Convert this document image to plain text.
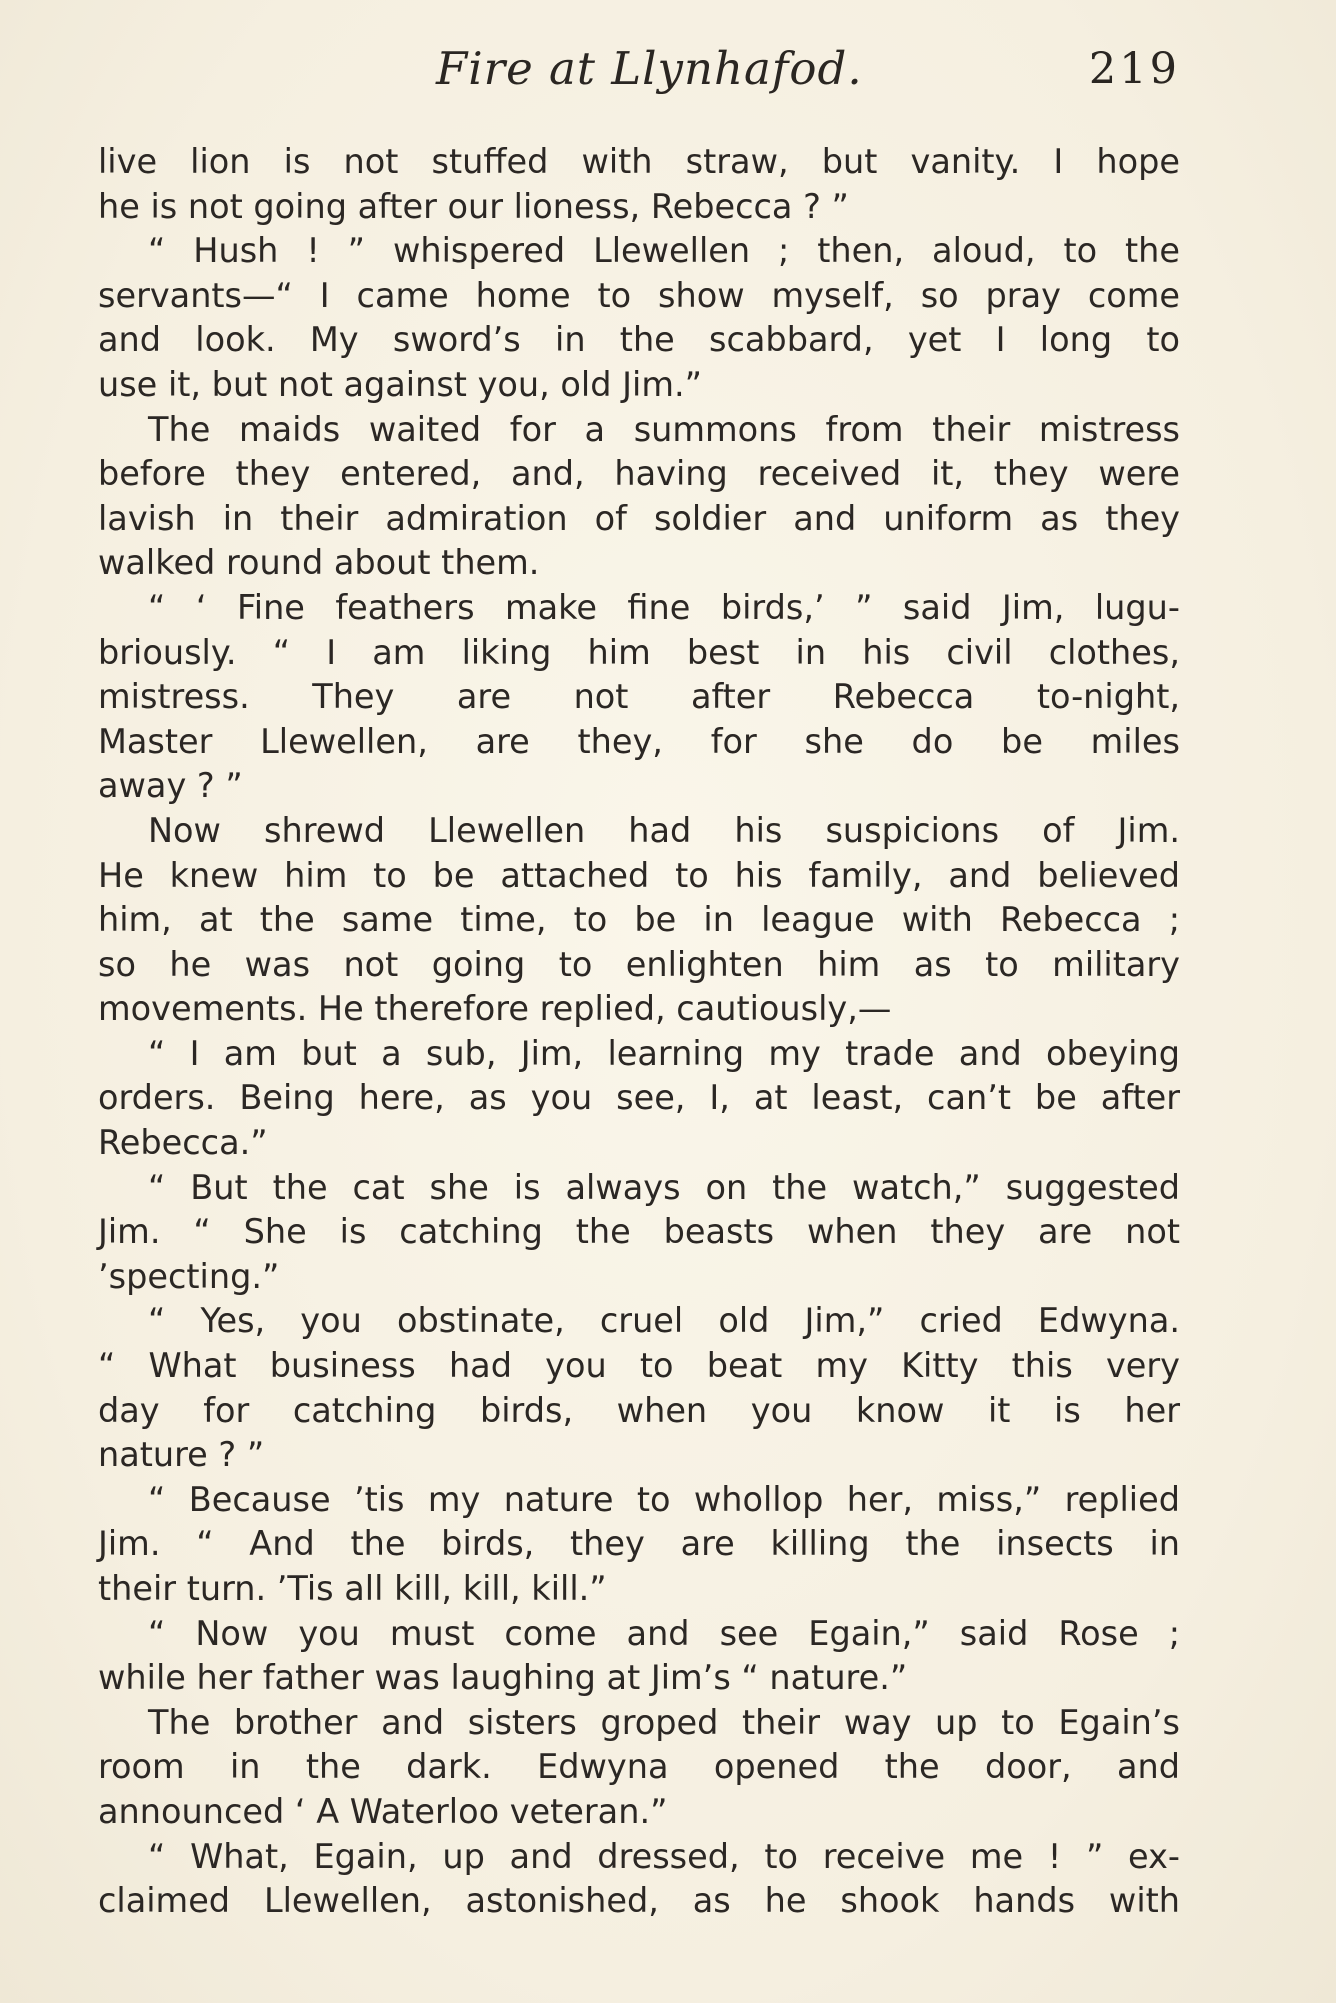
Fire at Llynhafod.	219
live lion is not stuffed with straw, but vanity. I hope
he is not going after our lioness, Rebecca ? ”
“ Hush ! ” whispered Llewellen ; then, aloud, to the
servants—“ I came home to show myself, so pray come
and look. My sword’s in the scabbard, yet I long to
use it, but not against you, old Jim.”
The maids waited for a summons from their mistress
before they entered, and, having received it, they were
lavish in their admiration of soldier and uniform as they
walked round about them.
“ ‘ Fine feathers make fine birds,’ ” said Jim, lugu-
briously. “ I am liking him best in his civil clothes,
mistress. They are not after Rebecca to-night,
Master Llewellen, are they, for she do be miles
away ? ”
Now shrewd Llewellen had his suspicions of Jim.
He knew him to be attached to his family, and believed
him, at the same time, to be in league with Rebecca ;
so he was not going to enlighten him as to military
movements. He therefore replied, cautiously,—
“ I am but a sub, Jim, learning my trade and obeying
orders. Being here, as you see, I, at least, can’t be after
Rebecca.”
“ But the cat she is always on the watch,” suggested
Jim. “ She is catching the beasts when they are not
’specting.”
“ Yes, you obstinate, cruel old Jim,” cried Edwyna.
“ What business had you to beat my Kitty this very
day for catching birds, when you know it is her
nature ? ”
“ Because ’tis my nature to whollop her, miss,” replied
Jim. “ And the birds, they are killing the insects in
their turn. ’Tis all kill, kill, kill.”
“ Now you must come and see Egain,” said Rose ;
while her father was laughing at Jim’s “ nature.”
The brother and sisters groped their way up to Egain’s
room in the dark. Edwyna opened the door, and
announced ‘ A Waterloo veteran.”
“ What, Egain, up and dressed, to receive me ! ” ex-
claimed Llewellen, astonished, as he shook hands with
